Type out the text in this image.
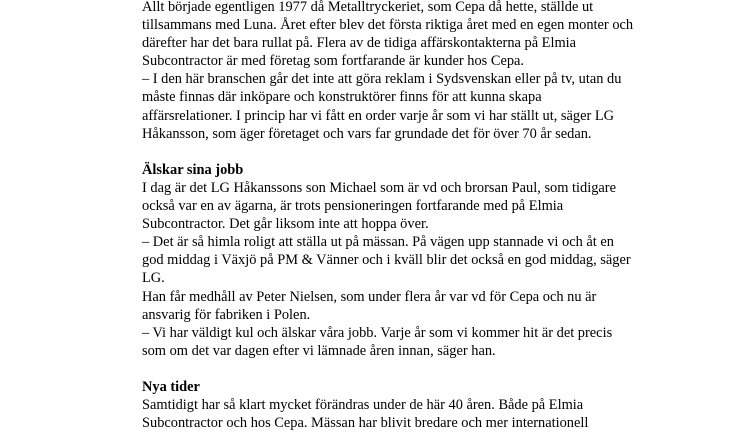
Allt började egentligen 1977 då Metalltryckeriet, som Cepa då hette, ställde ut
tillsammans med Luna. Året efter blev det första riktiga året med en egen monter och
därefter har det bara rullat på. Flera av de tidiga affärskontakterna på Elmia
Subcontractor är med företag som fortfarande är kunder hos Cepa.
– I den här branschen går det inte att göra reklam i Sydsvenskan eller på tv, utan du
måste finnas där inköpare och konstruktörer finns för att kunna skapa
affärsrelationer. I princip har vi fått en order varje år som vi har ställt ut, säger LG
Håkansson, som äger företaget och vars far grundade det för över 70 år sedan.
Älskar sina jobb
I dag är det LG Håkanssons son Michael som är vd och brorsan Paul, som tidigare
också var en av ägarna, är trots pensioneringen fortfarande med på Elmia
Subcontractor. Det går liksom inte att hoppa över.
– Det är så himla roligt att ställa ut på mässan. På vägen upp stannade vi och åt en
god middag i Växjö på PM & Vänner och i kväll blir det också en god middag, säger
LG.
Han får medhåll av Peter Nielsen, som under flera år var vd för Cepa och nu är
ansvarig för fabriken i Polen.
– Vi har väldigt kul och älskar våra jobb. Varje år som vi kommer hit är det precis
som om det var dagen efter vi lämnade åren innan, säger han.
Nya tider
Samtidigt har så klart mycket förändras under de här 40 åren. Både på Elmia
Subcontractor och hos Cepa. Mässan har blivit bredare och mer internationell
